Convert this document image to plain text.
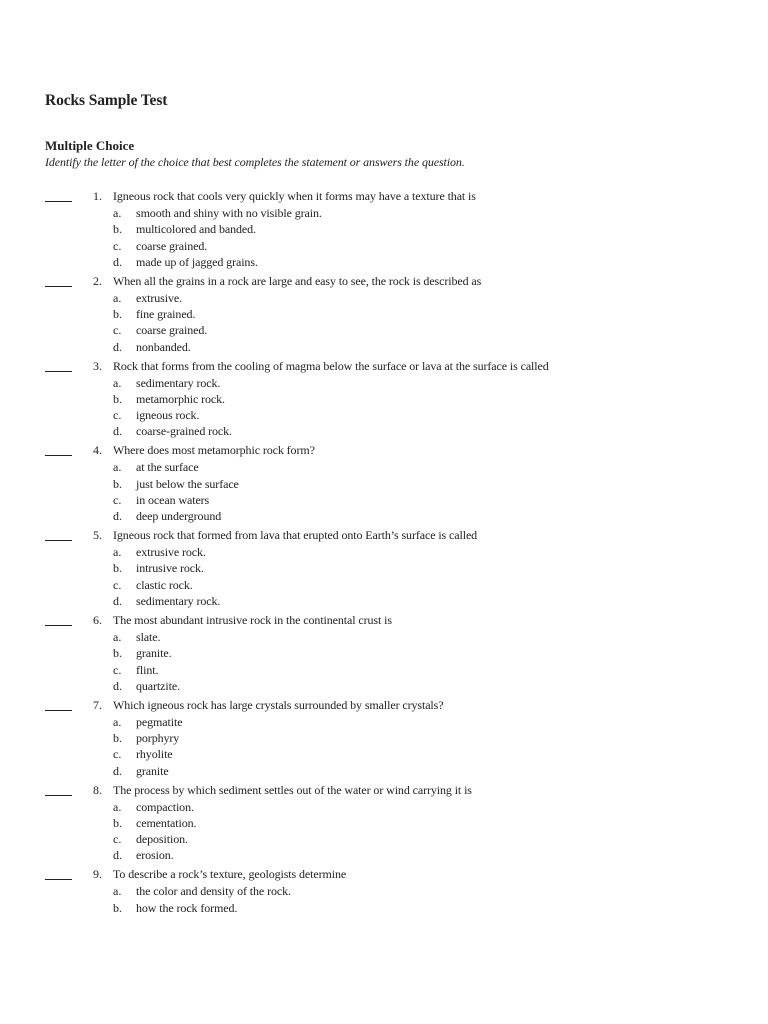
Rocks Sample Test
Multiple Choice
Identify the letter of the choice that best completes the statement or answers the question.
1. Igneous rock that cools very quickly when it forms may have a texture that is
a. smooth and shiny with no visible grain.
b. multicolored and banded.
c. coarse grained.
d. made up of jagged grains.
2. When all the grains in a rock are large and easy to see, the rock is described as
a. extrusive.
b. fine grained.
c. coarse grained.
d. nonbanded.
3. Rock that forms from the cooling of magma below the surface or lava at the surface is called
a. sedimentary rock.
b. metamorphic rock.
c. igneous rock.
d. coarse-grained rock.
4. Where does most metamorphic rock form?
a. at the surface
b. just below the surface
c. in ocean waters
d. deep underground
5. Igneous rock that formed from lava that erupted onto Earth’s surface is called
a. extrusive rock.
b. intrusive rock.
c. clastic rock.
d. sedimentary rock.
6. The most abundant intrusive rock in the continental crust is
a. slate.
b. granite.
c. flint.
d. quartzite.
7. Which igneous rock has large crystals surrounded by smaller crystals?
a. pegmatite
b. porphyry
c. rhyolite
d. granite
8. The process by which sediment settles out of the water or wind carrying it is
a. compaction.
b. cementation.
c. deposition.
d. erosion.
9. To describe a rock’s texture, geologists determine
a. the color and density of the rock.
b. how the rock formed.
